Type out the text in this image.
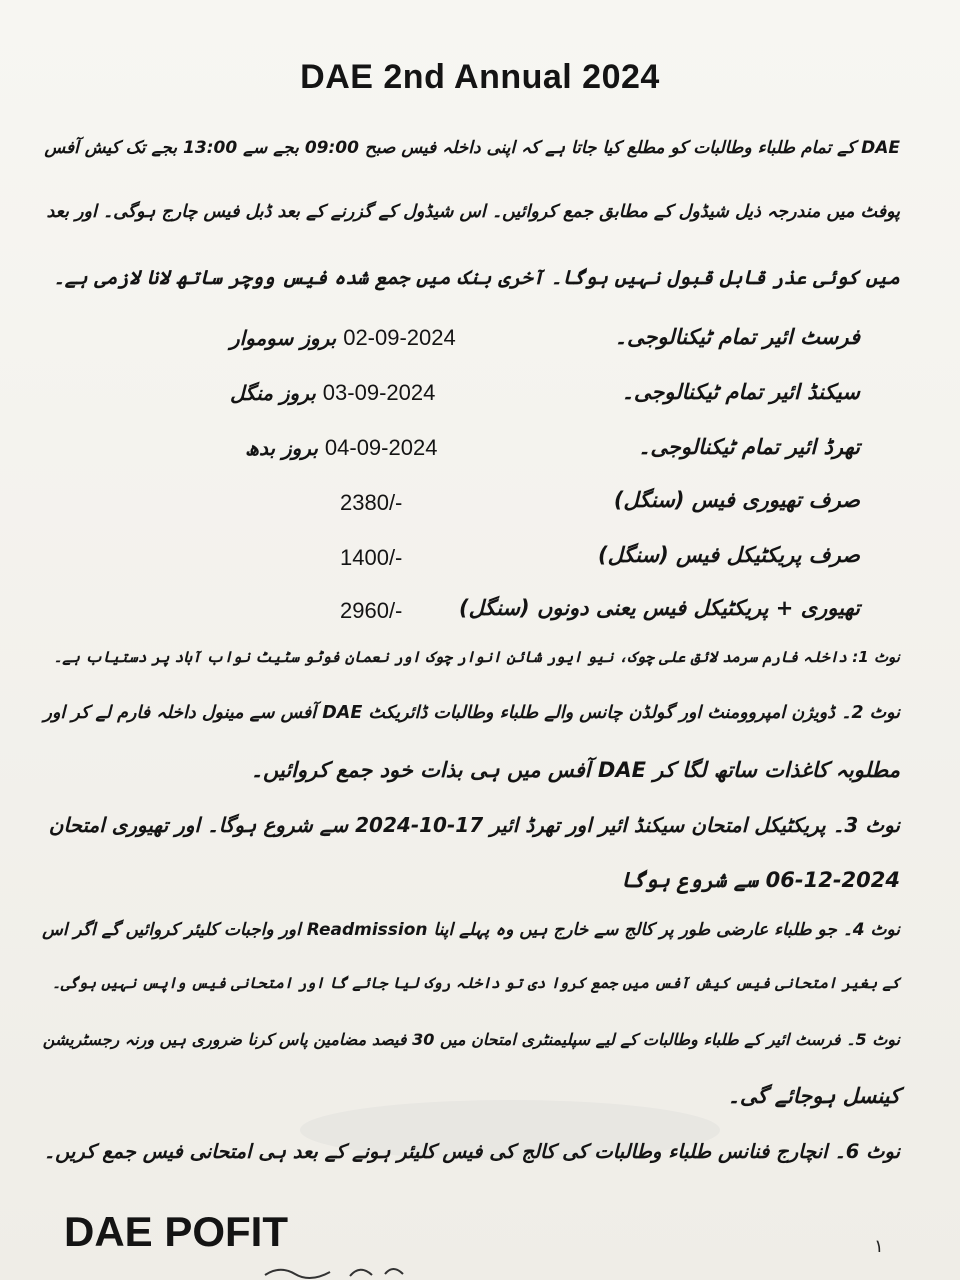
DAE 2nd Annual 2024
DAE کے تمام طلباء وطالبات کو مطلع کیا جاتا ہے کہ اپنی داخلہ فیس صبح 09:00 بجے سے 13:00 بجے تک کیش آفس
پوفٹ میں مندرجہ ذیل شیڈول کے مطابق جمع کروائیں۔ اس شیڈول کے گزرنے کے بعد ڈبل فیس چارج ہوگی۔ اور بعد
میں کوئی عذر قابل قبول نہیں ہوگا۔ آخری بنک میں جمع شدہ فیس ووچر ساتھ لانا لازمی ہے۔
فرسٹ ائیر تمام ٹیکنالوجی۔
02-09-2024 بروز سوموار
سیکنڈ ائیر تمام ٹیکنالوجی۔
03-09-2024 بروز منگل
تھرڈ ائیر تمام ٹیکنالوجی۔
04-09-2024 بروز بدھ
صرف تھیوری فیس (سنگل)
2380/-
صرف پریکٹیکل فیس (سنگل)
1400/-
تھیوری + پریکٹیکل فیس یعنی دونوں (سنگل)
2960/-
نوٹ 1: داخلہ فارم سرمد لائق علی چوک، نیو ایور شائن انوار چوک اور نعمان فوٹو سٹیٹ نواب آباد پر دستیاب ہے۔
نوٹ 2۔ ڈویژن امپروومنٹ اور گولڈن چانس والے طلباء وطالبات ڈائریکٹ DAE آفس سے مینول داخلہ فارم لے کر اور
مطلوبہ کاغذات ساتھ لگا کر DAE آفس میں ہی بذات خود جمع کروائیں۔
نوٹ 3۔ پریکٹیکل امتحان سیکنڈ ائیر اور تھرڈ ائیر 17-10-2024 سے شروع ہوگا۔ اور تھیوری امتحان
06-12-2024 سے شروع ہوگا
نوٹ 4۔ جو طلباء عارضی طور پر کالج سے خارج ہیں وہ پہلے اپنا Readmission اور واجبات کلیئر کروائیں گے اگر اس
کے بغیر امتحانی فیس کیش آفس میں جمع کروا دی تو داخلہ روک لیا جائے گا اور امتحانی فیس واپس نہیں ہوگی۔
نوٹ 5۔ فرسٹ ائیر کے طلباء وطالبات کے لیے سپلیمنٹری امتحان میں 30 فیصد مضامین پاس کرنا ضروری ہیں ورنہ رجسٹریشن
کینسل ہوجائے گی۔
نوٹ 6۔ انچارج فنانس طلباء وطالبات کی کالج کی فیس کلیئر ہونے کے بعد ہی امتحانی فیس جمع کریں۔
DAE POFIT	۱
